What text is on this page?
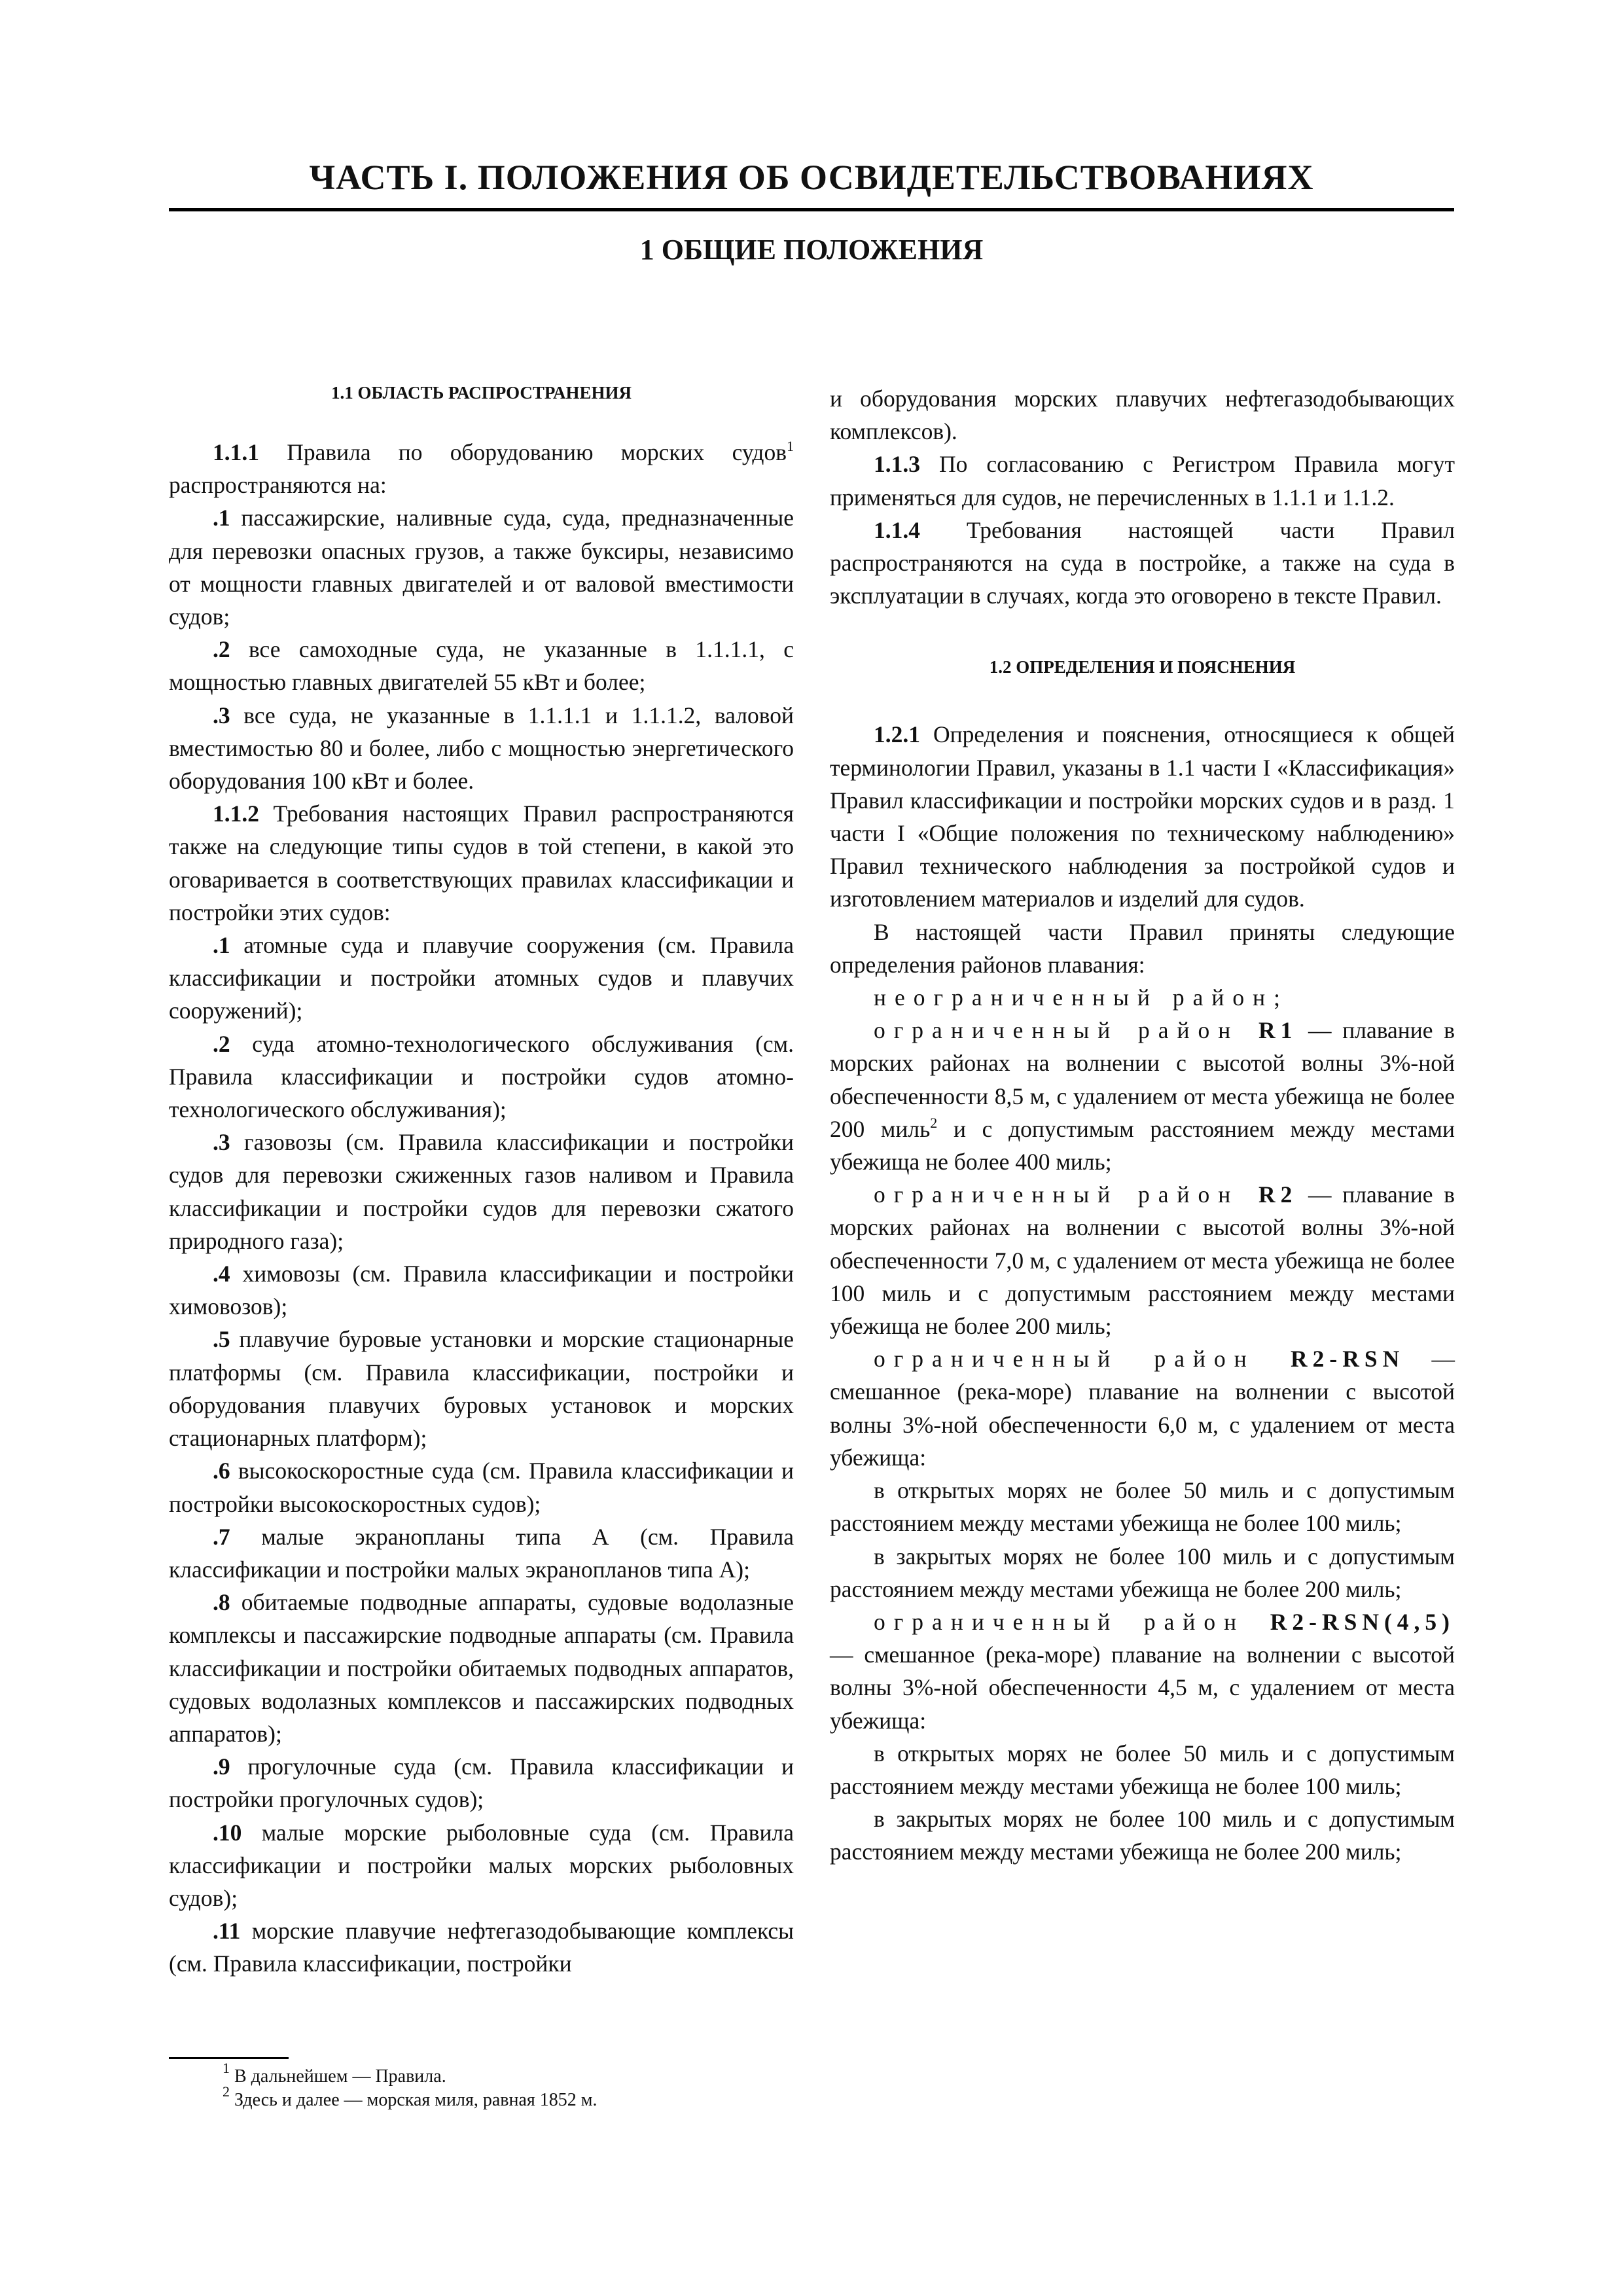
ЧАСТЬ I. ПОЛОЖЕНИЯ ОБ ОСВИДЕТЕЛЬСТВОВАНИЯХ
1 ОБЩИЕ ПОЛОЖЕНИЯ
1.1 ОБЛАСТЬ РАСПРОСТРАНЕНИЯ

1.1.1 Правила по оборудованию морских судов$^1$ распространяются на:

.1 пассажирские, наливные суда, суда, предназначенные для перевозки опасных грузов, а также буксиры, независимо от мощности главных двигателей и от валовой вместимости судов;

.2 все самоходные суда, не указанные в 1.1.1.1, с мощностью главных двигателей 55 кВт и более;

.3 все суда, не указанные в 1.1.1.1 и 1.1.1.2, валовой вместимостью 80 и более, либо с мощностью энергетического оборудования 100 кВт и более.

1.1.2 Требования настоящих Правил распространяются также на следующие типы судов в той степени, в какой это оговаривается в соответствующих правилах классификации и постройки этих судов:

.1 атомные суда и плавучие сооружения (см. Правила классификации и постройки атомных судов и плавучих сооружений);

.2 суда атомно-технологического обслуживания (см. Правила классификации и постройки судов атомно-технологического обслуживания);

.3 газовозы (см. Правила классификации и постройки судов для перевозки сжиженных газов наливом и Правила классификации и постройки судов для перевозки сжатого природного газа);

.4 химовозы (см. Правила классификации и постройки химовозов);

.5 плавучие буровые установки и морские стационарные платформы (см. Правила классификации, постройки и оборудования плавучих буровых установок и морских стационарных платформ);

.6 высокоскоростные суда (см. Правила классификации и постройки высокоскоростных судов);

.7 малые экранопланы типа А (см. Правила классификации и постройки малых экранопланов типа А);

.8 обитаемые подводные аппараты, судовые водолазные комплексы и пассажирские подводные аппараты (см. Правила классификации и постройки обитаемых подводных аппаратов, судовых водолазных комплексов и пассажирских подводных аппаратов);

.9 прогулочные суда (см. Правила классификации и постройки прогулочных судов);

.10 малые морские рыболовные суда (см. Правила классификации и постройки малых морских рыболовных судов);

.11 морские плавучие нефтегазодобывающие комплексы (см. Правила классификации, постройки

$^1$ В дальнейшем — Правила.
$^2$ Здесь и далее — морская миля, равная 1852 м.

и оборудования морских плавучих нефтегазодобывающих комплексов).

1.1.3 По согласованию с Регистром Правила могут применяться для судов, не перечисленных в 1.1.1 и 1.1.2.

1.1.4 Требования настоящей части Правил распространяются на суда в постройке, а также на суда в эксплуатации в случаях, когда это оговорено в тексте Правил.

1.2 ОПРЕДЕЛЕНИЯ И ПОЯСНЕНИЯ

1.2.1 Определения и пояснения, относящиеся к общей терминологии Правил, указаны в 1.1 части I «Классификация» Правил классификации и постройки морских судов и в разд. 1 части I «Общие положения по техническому наблюдению» Правил технического наблюдения за постройкой судов и изготовлением материалов и изделий для судов.

В настоящей части Правил приняты следующие определения районов плавания:

неограниченный район;

ограниченный район R1 — плавание в морских районах на волнении с высотой волны 3%-ной обеспеченности 8,5 м, с удалением от места убежища не более 200 миль$^2$ и с допустимым расстоянием между местами убежища не более 400 миль;

ограниченный район R2 — плавание в морских районах на волнении с высотой волны 3%-ной обеспеченности 7,0 м, с удалением от места убежища не более 100 миль и с допустимым расстоянием между местами убежища не более 200 миль;

ограниченный район R2-RSN — смешанное (река-море) плавание на волнении с высотой волны 3%-ной обеспеченности 6,0 м, с удалением от места убежища:

в открытых морях не более 50 миль и с допустимым расстоянием между местами убежища не более 100 миль;

в закрытых морях не более 100 миль и с допустимым расстоянием между местами убежища не более 200 миль;

ограниченный район R2-RSN(4,5) — смешанное (река-море) плавание на волнении с высотой волны 3%-ной обеспеченности 4,5 м, с удалением от места убежища:

в открытых морях не более 50 миль и с допустимым расстоянием между местами убежища не более 100 миль;

в закрытых морях не более 100 миль и с допустимым расстоянием между местами убежища не более 200 миль;
